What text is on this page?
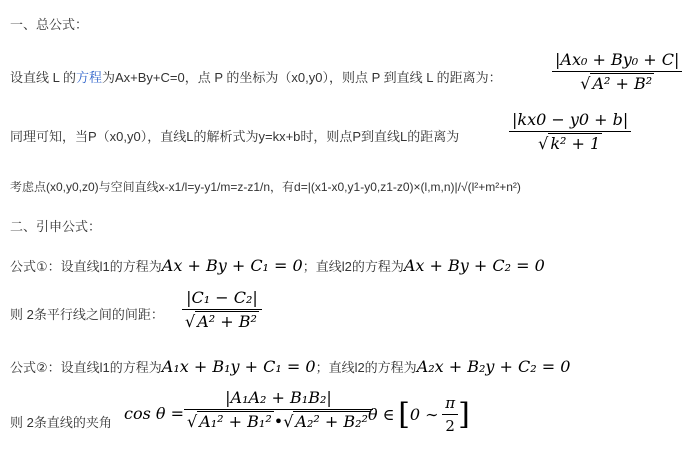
一、总公式：
设直线 L 的方程为Ax+By+C=0，点 P 的坐标为（x0,y0），则点 P 到直线 L 的距离为：	$\frac{\text{|Ax₀ + By₀ + C|}}{\text{√ A² + B²}}$
同理可知，当P（x0,y0），直线L的解析式为y=kx+b时，则点P到直线L的距离为	$\frac{|kx0 - y0 + b|}{\text{√ k² + 1}}$
考虑点(x0,y0,z0)与空间直线x-x1/l=y-y1/m=z-z1/n，有d=|(x1-x0,y1-y0,z1-z0)×(l,m,n)|/√(l²+m²+n²)
二、引申公式：
公式①：设直线l1的方程为Ax + By + C₁ = 0；直线l2的方程为Ax + By + C₂ = 0
则 2条平行线之间的间距： $\frac{\text{|C₁ − C₂|}}{\text{√ A² + B²}}$
公式②：设直线l1的方程为A₁x + B₁y + C₁ = 0；直线l2的方程为A₂x + B₂y + C₂ = 0
则 2条直线的夹角 $\cos \theta = \frac{\text{|A₁A₂ + B₁B₂|}}{\text{√ A₁² + B₁² •√ A₂² + B₂²}}$
θ ∈ [0 ∼ $\frac{\pi}{2}$ ]
